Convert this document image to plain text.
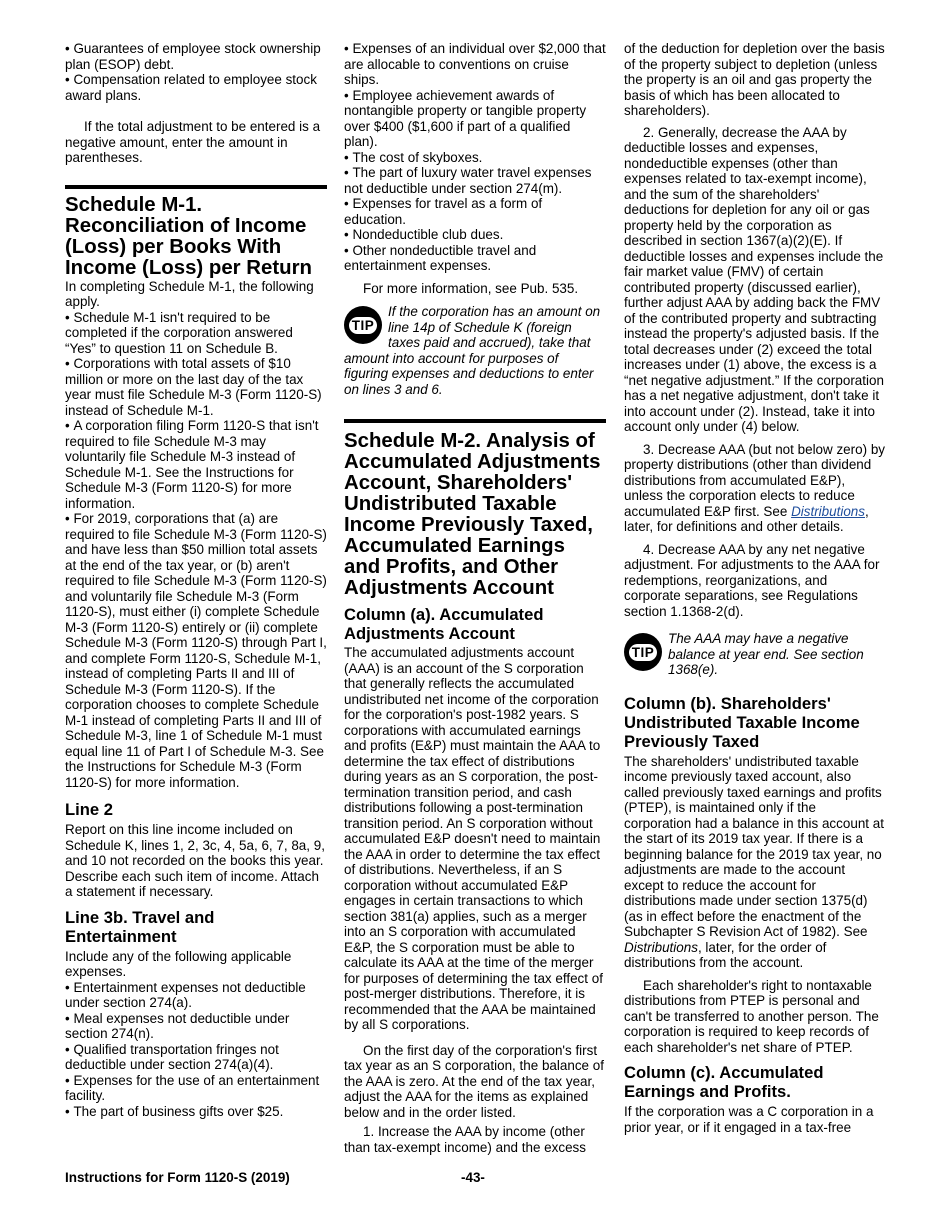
• Guarantees of employee stock ownership plan (ESOP) debt.

• Compensation related to employee stock award plans.

If the total adjustment to be entered is a negative amount, enter the amount in parentheses.

Schedule M-1. Reconciliation of Income (Loss) per Books With Income (Loss) per Return

In completing Schedule M-1, the following apply.

• Schedule M-1 isn't required to be completed if the corporation answered “Yes” to question 11 on Schedule B.

• Corporations with total assets of $10 million or more on the last day of the tax year must file Schedule M-3 (Form 1120-S) instead of Schedule M-1.

• A corporation filing Form 1120-S that isn't required to file Schedule M-3 may voluntarily file Schedule M-3 instead of Schedule M-1. See the Instructions for Schedule M-3 (Form 1120-S) for more information.

• For 2019, corporations that (a) are required to file Schedule M-3 (Form 1120-S) and have less than $50 million total assets at the end of the tax year, or (b) aren't required to file Schedule M-3 (Form 1120-S) and voluntarily file Schedule M-3 (Form 1120-S), must either (i) complete Schedule M-3 (Form 1120-S) entirely or (ii) complete Schedule M-3 (Form 1120-S) through Part I, and complete Form 1120-S, Schedule M-1, instead of completing Parts II and III of Schedule M-3 (Form 1120-S). If the corporation chooses to complete Schedule M-1 instead of completing Parts II and III of Schedule M-3, line 1 of Schedule M-1 must equal line 11 of Part I of Schedule M-3. See the Instructions for Schedule M-3 (Form 1120-S) for more information.

Line 2

Report on this line income included on Schedule K, lines 1, 2, 3c, 4, 5a, 6, 7, 8a, 9, and 10 not recorded on the books this year. Describe each such item of income. Attach a statement if necessary.

Line 3b. Travel and Entertainment

Include any of the following applicable expenses.

• Entertainment expenses not deductible under section 274(a).

• Meal expenses not deductible under section 274(n).

• Qualified transportation fringes not deductible under section 274(a)(4).

• Expenses for the use of an entertainment facility.

• The part of business gifts over $25.

• Expenses of an individual over $2,000 that are allocable to conventions on cruise ships.

• Employee achievement awards of nontangible property or tangible property over $400 ($1,600 if part of a qualified plan).

• The cost of skyboxes.

• The part of luxury water travel expenses not deductible under section 274(m).

• Expenses for travel as a form of education.

• Nondeductible club dues.

• Other nondeductible travel and entertainment expenses.

For more information, see Pub. 535.

TIP
If the corporation has an amount on line 14p of Schedule K (foreign taxes paid and accrued), take that amount into account for purposes of figuring expenses and deductions to enter on lines 3 and 6.
Schedule M-2. Analysis of Accumulated Adjustments Account, Shareholders' Undistributed Taxable Income Previously Taxed, Accumulated Earnings and Profits, and Other Adjustments Account
Column (a). Accumulated Adjustments Account

The accumulated adjustments account (AAA) is an account of the S corporation that generally reflects the accumulated undistributed net income of the corporation for the corporation's post-1982 years. S corporations with accumulated earnings and profits (E&P) must maintain the AAA to determine the tax effect of distributions during years as an S corporation, the post-termination transition period, and cash distributions following a post-termination transition period. An S corporation without accumulated E&P doesn't need to maintain the AAA in order to determine the tax effect of distributions. Nevertheless, if an S corporation without accumulated E&P engages in certain transactions to which section 381(a) applies, such as a merger into an S corporation with accumulated E&P, the S corporation must be able to calculate its AAA at the time of the merger for purposes of determining the tax effect of post-merger distributions. Therefore, it is recommended that the AAA be maintained by all S corporations.

On the first day of the corporation's first tax year as an S corporation, the balance of the AAA is zero. At the end of the tax year, adjust the AAA for the items as explained below and in the order listed.

1. Increase the AAA by income (other than tax-exempt income) and the excess

of the deduction for depletion over the basis of the property subject to depletion (unless the property is an oil and gas property the basis of which has been allocated to shareholders).

2. Generally, decrease the AAA by deductible losses and expenses, nondeductible expenses (other than expenses related to tax-exempt income), and the sum of the shareholders' deductions for depletion for any oil or gas property held by the corporation as described in section 1367(a)(2)(E). If deductible losses and expenses include the fair market value (FMV) of certain contributed property (discussed earlier), further adjust AAA by adding back the FMV of the contributed property and subtracting instead the property's adjusted basis. If the total decreases under (2) exceed the total increases under (1) above, the excess is a “net negative adjustment.” If the corporation has a net negative adjustment, don't take it into account under (2). Instead, take it into account only under (4) below.

3. Decrease AAA (but not below zero) by property distributions (other than dividend distributions from accumulated E&P), unless the corporation elects to reduce accumulated E&P first. See Distributions, later, for definitions and other details.

4. Decrease AAA by any net negative adjustment. For adjustments to the AAA for redemptions, reorganizations, and corporate separations, see Regulations section 1.1368-2(d).

TIP
The AAA may have a negative balance at year end. See section 1368(e).
Column (b). Shareholders' Undistributed Taxable Income Previously Taxed

The shareholders' undistributed taxable income previously taxed account, also called previously taxed earnings and profits (PTEP), is maintained only if the corporation had a balance in this account at the start of its 2019 tax year. If there is a beginning balance for the 2019 tax year, no adjustments are made to the account except to reduce the account for distributions made under section 1375(d) (as in effect before the enactment of the Subchapter S Revision Act of 1982). See Distributions, later, for the order of distributions from the account.

Each shareholder's right to nontaxable distributions from PTEP is personal and can't be transferred to another person. The corporation is required to keep records of each shareholder's net share of PTEP.

Column (c). Accumulated Earnings and Profits.

If the corporation was a C corporation in a prior year, or if it engaged in a tax-free

Instructions for Form 1120-S (2019)	-43-
